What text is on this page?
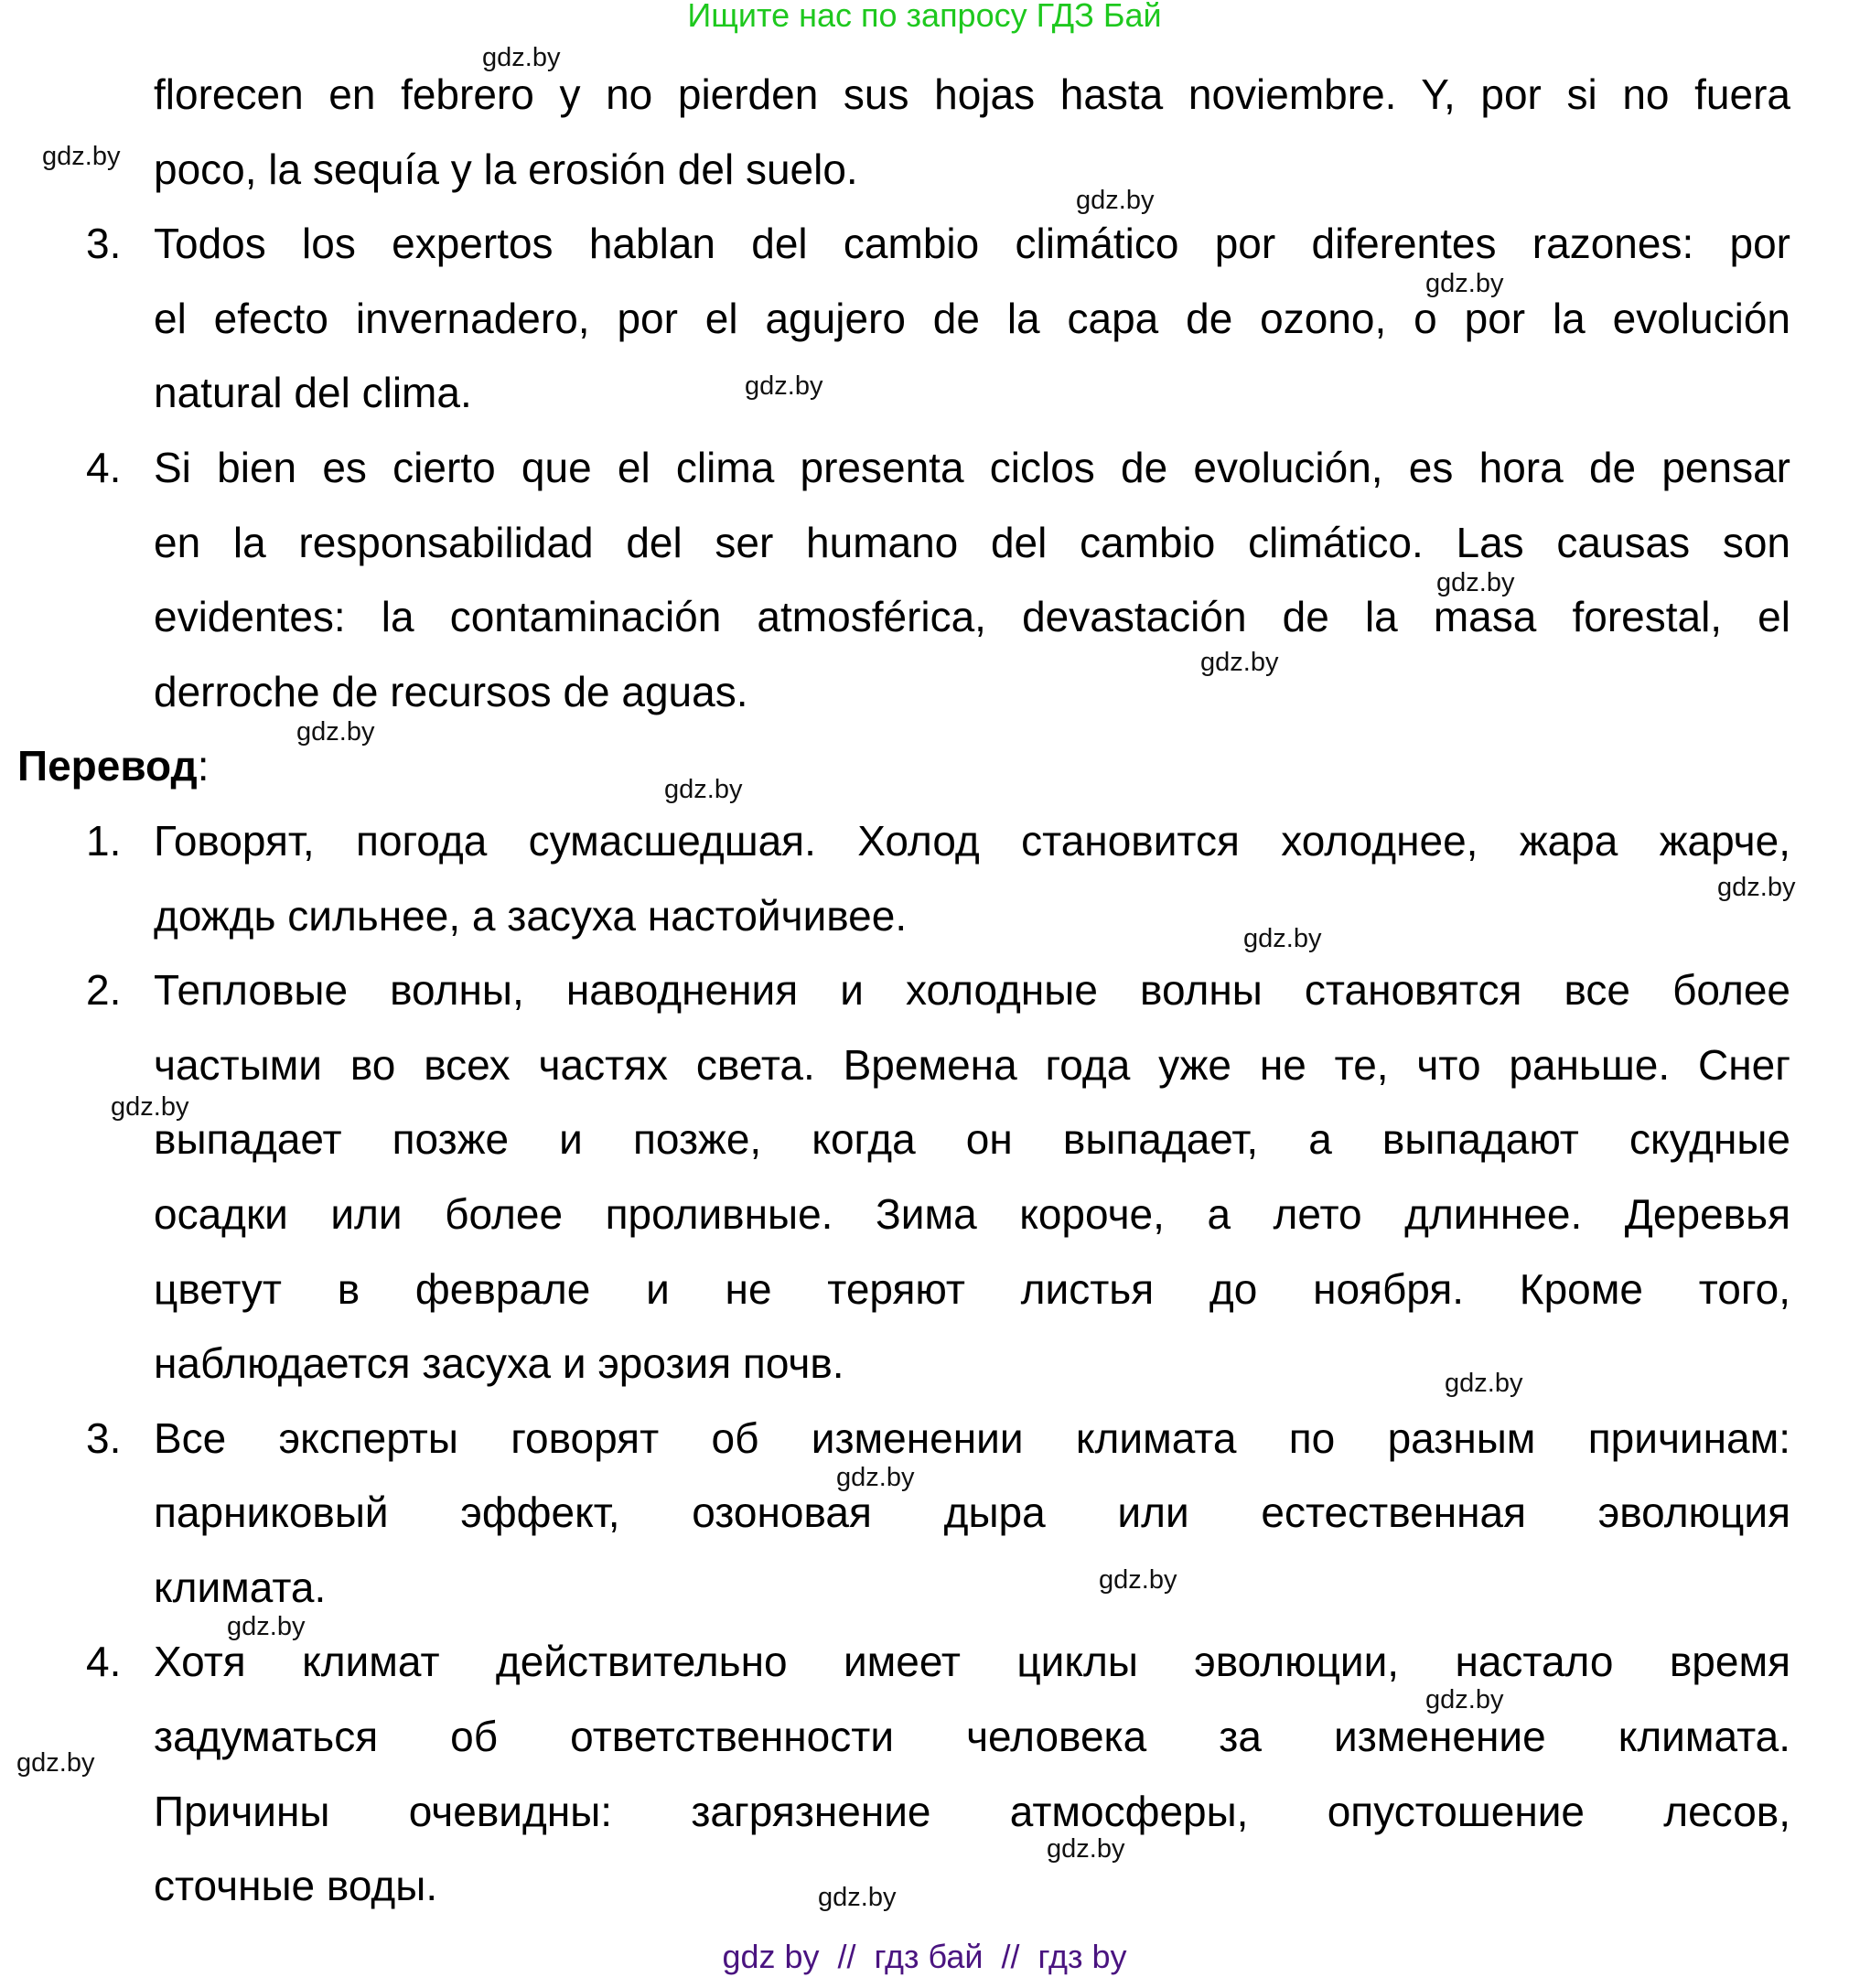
Ищите нас по запросу ГДЗ Бай
florecen en febrero y no pierden sus hojas hasta noviembre. Y, por si no fuera
poco, la sequía y la erosión del suelo.
3. Todos los expertos hablan del cambio climático por diferentes razones: por
el efecto invernadero, por el agujero de la capa de ozono, o por la evolución
natural del clima.
4. Si bien es cierto que el clima presenta ciclos de evolución, es hora de pensar
en la responsabilidad del ser humano del cambio climático. Las causas son
evidentes: la contaminación atmosférica, devastación de la masa forestal, el
derroche de recursos de aguas.
Перевод:
1. Говорят, погода сумасшедшая. Холод становится холоднее, жара жарче,
дождь сильнее, а засуха настойчивее.
2. Тепловые волны, наводнения и холодные волны становятся все более
частыми во всех частях света. Времена года уже не те, что раньше. Снег
выпадает позже и позже, когда он выпадает, а выпадают скудные
осадки или более проливные. Зима короче, а лето длиннее. Деревья
цветут в феврале и не теряют листья до ноября. Кроме того,
наблюдается засуха и эрозия почв.
3. Все эксперты говорят об изменении климата по разным причинам:
парниковый эффект, озоновая дыра или естественная эволюция
климата.
4. Хотя климат действительно имеет циклы эволюции, настало время
задуматься об ответственности человека за изменение климата.
Причины очевидны: загрязнение атмосферы, опустошение лесов,
сточные воды.
gdz.by
gdz.by
gdz.by
gdz.by
gdz.by
gdz.by
gdz.by
gdz.by
gdz.by
gdz.by
gdz.by
gdz.by
gdz.by
gdz.by
gdz.by
gdz.by
gdz.by
gdz.by
gdz.by
gdz.by
gdz by  //  гдз бай  //  гдз by
